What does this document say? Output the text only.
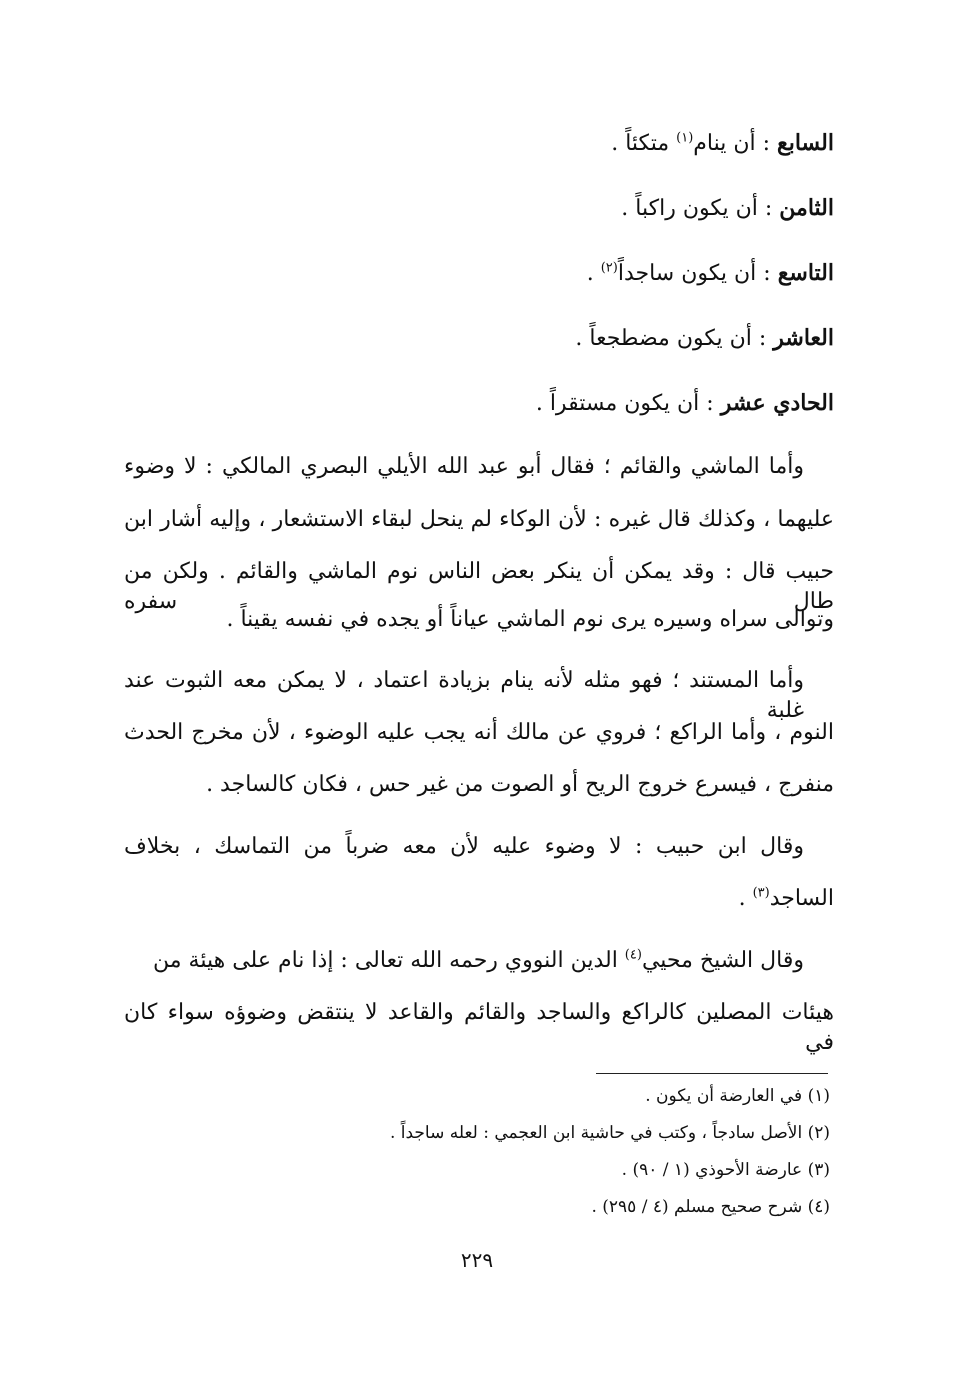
السابع : أن ينام$^{(١)}$ متكئاً .
الثامن : أن يكون راكباً .
التاسع : أن يكون ساجداً$^{(٢)}$ .
العاشر : أن يكون مضطجعاً .
الحادي عشر : أن يكون مستقراً .
وأما الماشي والقائم ؛ فقال أبو عبد الله الأيلي البصري المالكي : لا وضوء
عليهما ، وكذلك قال غيره : لأن الوكاء لم ينحل لبقاء الاستشعار ، وإليه أشار ابن
حبيب قال : وقد يمكن أن ينكر بعض الناس نوم الماشي والقائم . ولكن من طال سفره
وتوالى سراه وسيره يرى نوم الماشي عياناً أو يجده في نفسه يقيناً .
وأما المستند ؛ فهو مثله لأنه ينام بزيادة اعتماد ، لا يمكن معه الثبوت عند غلبة
النوم ، وأما الراكع ؛ فروي عن مالك أنه يجب عليه الوضوء ، لأن مخرج الحدث
منفرج ، فيسرع خروج الريح أو الصوت من غير حس ، فكان كالساجد .
وقال ابن حبيب : لا وضوء عليه لأن معه ضرباً من التماسك ، بخلاف
الساجد$^{(٣)}$ .
وقال الشيخ محيي$^{(٤)}$ الدين النووي رحمه الله تعالى : إذا نام على هيئة من
هيئات المصلين كالراكع والساجد والقائم والقاعد لا ينتقض وضوؤه سواء كان في
(١) في العارضة أن يكون .
(٢) الأصل سادجاً ، وكتب في حاشية ابن العجمي : لعله ساجداً .
(٣) عارضة الأحوذي (١ / ٩٠) .
(٤) شرح صحيح مسلم (٤ / ٢٩٥) .
٢٢٩
